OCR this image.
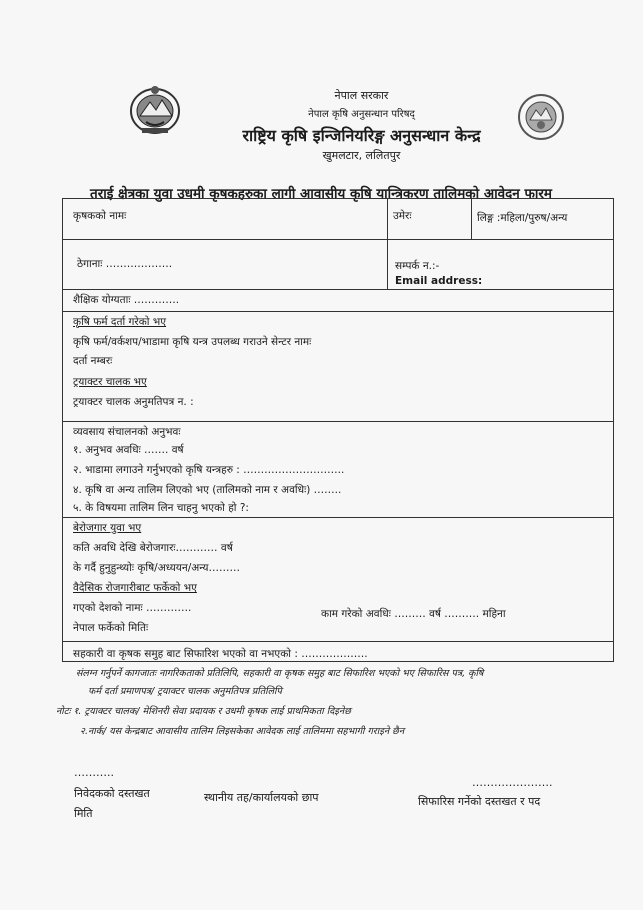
नेपाल सरकार
नेपाल कृषि अनुसन्धान परिषद्
राष्ट्रिय कृषि इन्जिनियरिङ्ग अनुसन्धान केन्द्र
खुमलटार, ललितपुर
तराई क्षेत्रका युवा उधमी कृषकहरुका लागी आवासीय कृषि यान्त्रिकरण तालिमको आवेदन फारम
कृषकको नामः	उमेरः	लिङ्ग :महिला/पुरुष/अन्य
ठेगानाः ……………….	सम्पर्क न.:-
Email address:
शैक्षिक योग्यताः ………….
कृषि फर्म दर्ता गरेको भए
कृषि फर्म/वर्कशप/भाडामा कृषि यन्त्र उपलब्ध गराउने सेन्टर नामः
दर्ता नम्बरः
ट्रयाक्टर चालक भए
ट्रयाक्टर चालक अनुमतिपत्र न. :
व्यवसाय संचालनको अनुभवः
१. अनुभव अवधिः ……. वर्ष
२. भाडामा लगाउने गर्नुभएको कृषि यन्त्रहरु : ………………………..
४. कृषि वा अन्य तालिम लिएको भए (तालिमको नाम र अवधिः) ……..
५. के विषयमा तालिम लिन चाहनु भएको हो ?:
बेरोजगार युवा भए
कति अवधि देखि बेरोजगारः………… वर्ष
के गर्दै हुनुहुन्थ्योः कृषि/अध्ययन/अन्य………
वैदेसिक रोजगारीबाट फर्केको भए
गएको देशको नामः ………….	काम गरेको अवधिः ……… वर्ष ………. महिना
नेपाल फर्केको मितिः
सहकारी वा कृषक समुह बाट सिफारिश भएको वा नभएको : ……………….
संलग्न गर्नुपर्ने कागजातः नागरिकताको प्रतिलिपि, सहकारी वा कृषक समुह बाट सिफारिश भएको भए सिफारिस पत्र, कृषि
फर्म दर्ता प्रमाणपत्र/ ट्रयाक्टर चालक अनुमतिपत्र प्रतिलिपि
नोटः १. ट्रयाक्टर चालक/ मेशिनरी सेवा प्रदायक र उधमी कृषक लाई प्राथमिकता दिइनेछ
२.नार्क/ यस केन्द्रबाट आवासीय तालिम लिइसकेका आवेदक लाई तालिममा सहभागी गराइने छैन
………..
निवेदकको दस्तखत
मिति
स्थानीय तह/कार्यालयको छाप
………………….
सिफारिस गर्नेको दस्तखत र पद
